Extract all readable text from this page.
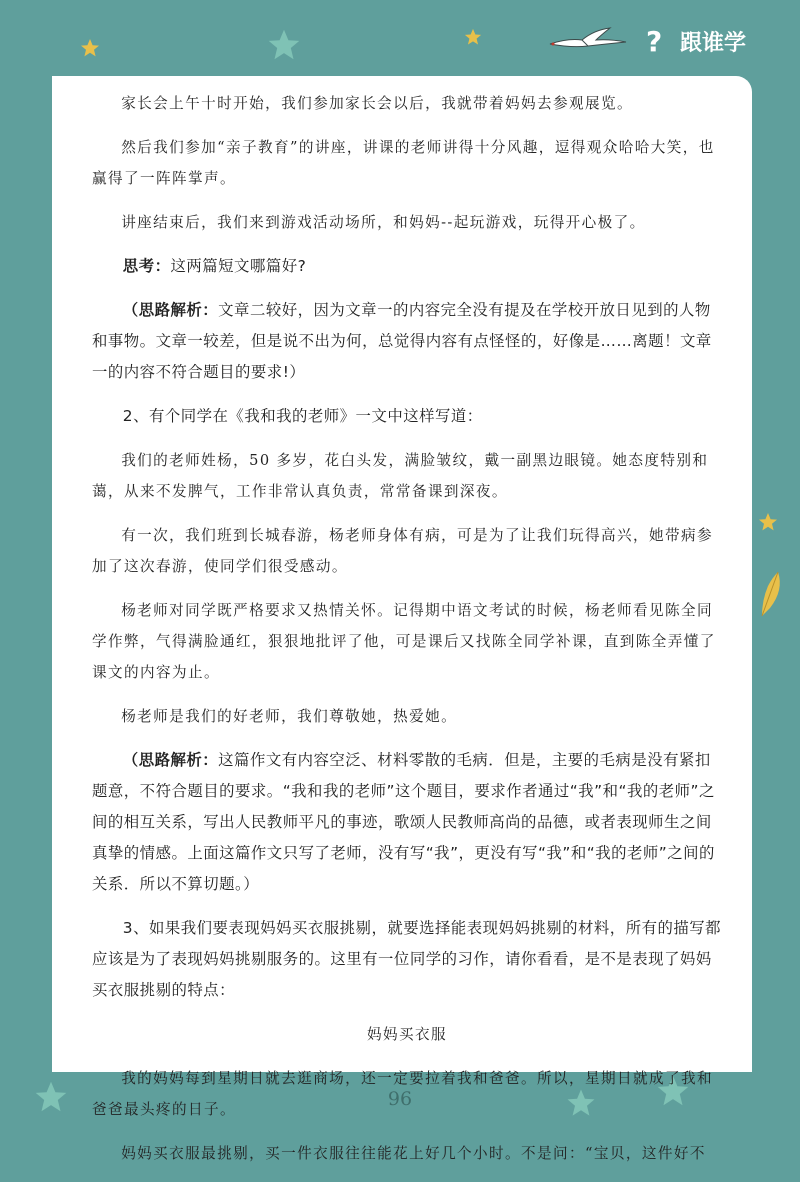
? 跟谁学

家长会上午十时开始，我们参加家长会以后，我就带着妈妈去参观展览。

然后我们参加“亲子教育”的讲座，讲课的老师讲得十分风趣，逗得观众哈哈大笑，也赢得了一阵阵掌声。

讲座结束后，我们来到游戏活动场所，和妈妈--起玩游戏，玩得开心极了。

思考：这两篇短文哪篇好?

（思路解析：文章二较好，因为文章一的内容完全没有提及在学校开放日见到的人物和事物。文章一较差，但是说不出为何，总觉得内容有点怪怪的，好像是……离题！文章一的内容不符合题目的要求!）

2、有个同学在《我和我的老师》一文中这样写道：

我们的老师姓杨，50 多岁，花白头发，满脸皱纹，戴一副黑边眼镜。她态度特别和蔼，从来不发脾气，工作非常认真负责，常常备课到深夜。

有一次，我们班到长城春游，杨老师身体有病，可是为了让我们玩得高兴，她带病参加了这次春游，使同学们很受感动。

杨老师对同学既严格要求又热情关怀。记得期中语文考试的时候，杨老师看见陈全同学作弊，气得满脸通红，狠狠地批评了他，可是课后又找陈全同学补课，直到陈全弄懂了课文的内容为止。

杨老师是我们的好老师，我们尊敬她，热爱她。

（思路解析：这篇作文有内容空泛、材料零散的毛病．但是，主要的毛病是没有紧扣题意，不符合题目的要求。“我和我的老师”这个题目，要求作者通过“我”和“我的老师”之间的相互关系，写出人民教师平凡的事迹，歌颂人民教师高尚的品德，或者表现师生之间真挚的情感。上面这篇作文只写了老师，没有写“我”，更没有写“我”和“我的老师”之间的关系．所以不算切题。）

3、如果我们要表现妈妈买衣服挑剔，就要选择能表现妈妈挑剔的材料，所有的描写都应该是为了表现妈妈挑剔服务的。这里有一位同学的习作，请你看看，是不是表现了妈妈买衣服挑剔的特点：

妈妈买衣服

我的妈妈每到星期日就去逛商场，还一定要拉着我和爸爸。所以，星期日就成了我和爸爸最头疼的日子。

妈妈买衣服最挑剔，买一件衣服往往能花上好几个小时。不是问：“宝贝，这件好不

96
